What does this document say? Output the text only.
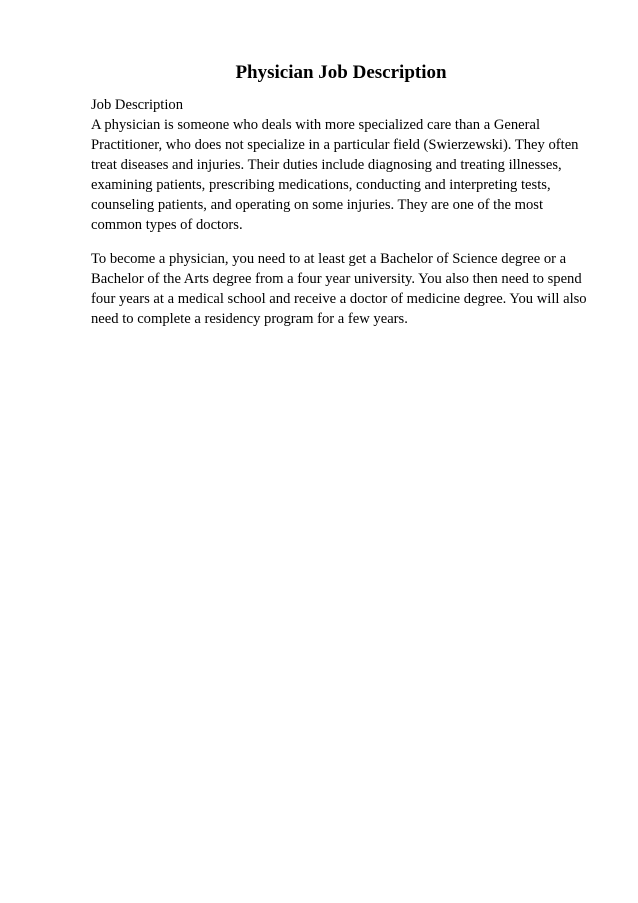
Physician Job Description
Job Description
A physician is someone who deals with more specialized care than a General
Practitioner, who does not specialize in a particular field (Swierzewski). They often
treat diseases and injuries. Their duties include diagnosing and treating illnesses,
examining patients, prescribing medications, conducting and interpreting tests,
counseling patients, and operating on some injuries. They are one of the most
common types of doctors.
To become a physician, you need to at least get a Bachelor of Science degree or a
Bachelor of the Arts degree from a four year university. You also then need to spend
four years at a medical school and receive a doctor of medicine degree. You will also
need to complete a residency program for a few years.
